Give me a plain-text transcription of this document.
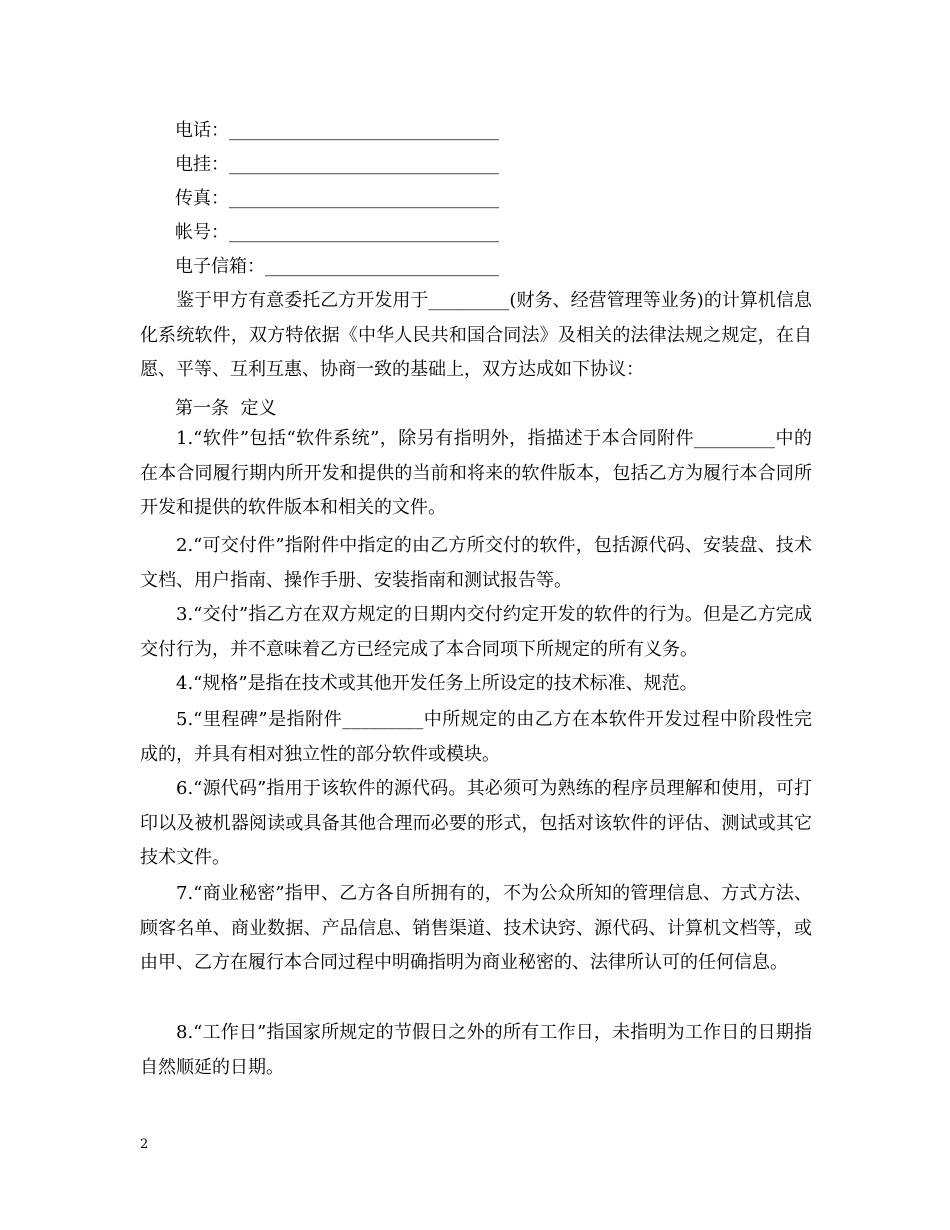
电话：______________________________
电挂：______________________________
传真：______________________________
帐号：______________________________
电子信箱：__________________________
鉴于甲方有意委托乙方开发用于_________(财务、经营管理等业务)的计算机信息化系统软件，双方特依据《中华人民共和国合同法》及相关的法律法规之规定，在自愿、平等、互利互惠、协商一致的基础上，双方达成如下协议：
第一条  定义
1.“软件”包括“软件系统”，除另有指明外，指描述于本合同附件_________中的在本合同履行期内所开发和提供的当前和将来的软件版本，包括乙方为履行本合同所开发和提供的软件版本和相关的文件。
2.“可交付件”指附件中指定的由乙方所交付的软件，包括源代码、安装盘、技术文档、用户指南、操作手册、安装指南和测试报告等。
3.“交付”指乙方在双方规定的日期内交付约定开发的软件的行为。但是乙方完成交付行为，并不意味着乙方已经完成了本合同项下所规定的所有义务。
4.“规格”是指在技术或其他开发任务上所设定的技术标准、规范。
5.“里程碑”是指附件_________中所规定的由乙方在本软件开发过程中阶段性完成的，并具有相对独立性的部分软件或模块。
6.“源代码”指用于该软件的源代码。其必须可为熟练的程序员理解和使用，可打印以及被机器阅读或具备其他合理而必要的形式，包括对该软件的评估、测试或其它技术文件。
7.“商业秘密”指甲、乙方各自所拥有的，不为公众所知的管理信息、方式方法、顾客名单、商业数据、产品信息、销售渠道、技术诀窍、源代码、计算机文档等，或由甲、乙方在履行本合同过程中明确指明为商业秘密的、法律所认可的任何信息。
8.“工作日”指国家所规定的节假日之外的所有工作日，未指明为工作日的日期指自然顺延的日期。
2
